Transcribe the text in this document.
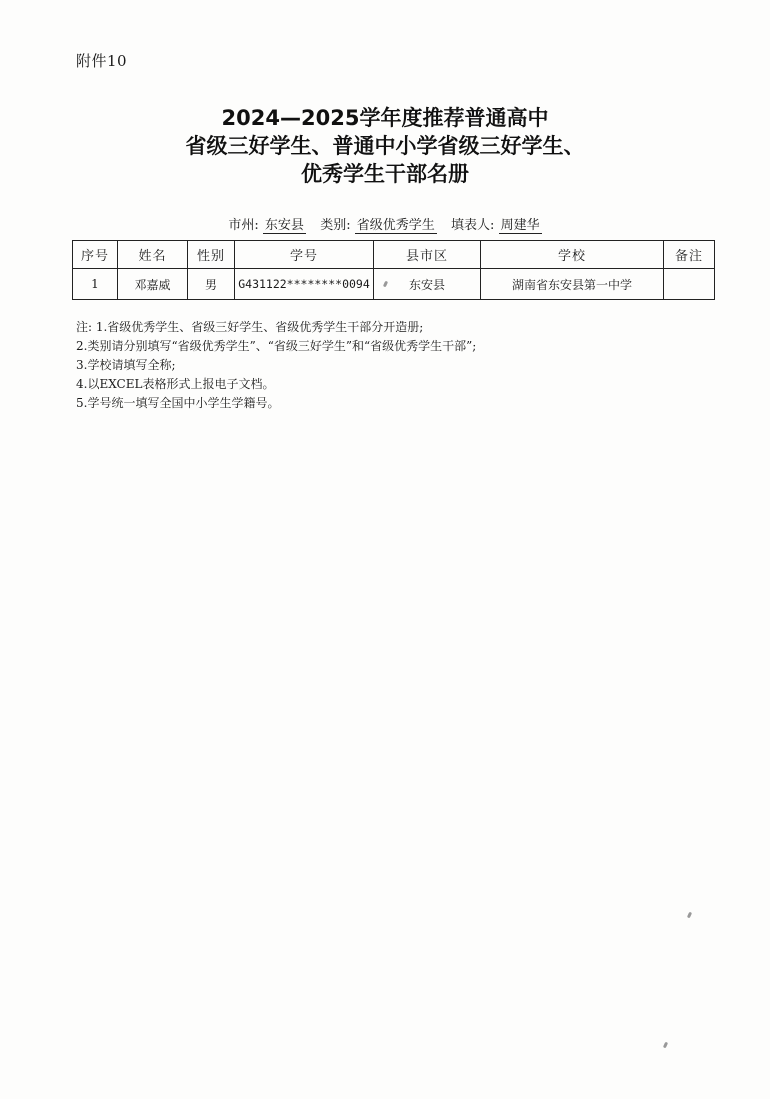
附件10
2024—2025学年度推荐普通高中
省级三好学生、普通中小学省级三好学生、
优秀学生干部名册
市州: 东安县 类别: 省级优秀学生 填表人: 周建华
序号	姓名	性别	学号	县市区	学校	备注
1	邓嘉威	男	G431122********0094	东安县	湖南省东安县第一中学	
注: 1.省级优秀学生、省级三好学生、省级优秀学生干部分开造册;
2.类别请分别填写“省级优秀学生”、“省级三好学生”和“省级优秀学生干部”;
3.学校请填写全称;
4.以EXCEL表格形式上报电子文档。
5.学号统一填写全国中小学生学籍号。
